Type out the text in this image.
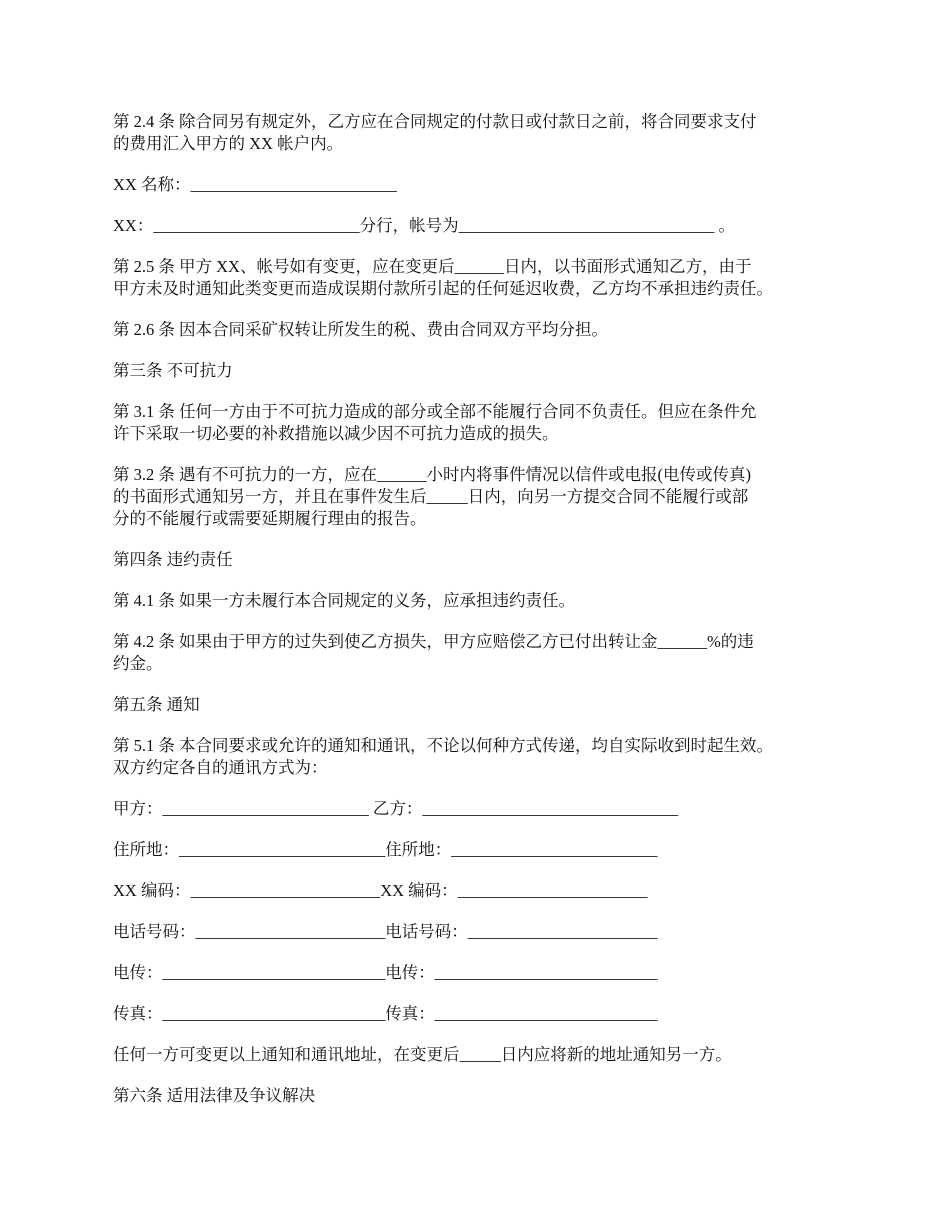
第 2.4 条 除合同另有规定外，乙方应在合同规定的付款日或付款日之前，将合同要求支付
的费用汇入甲方的 XX 帐户内。
XX 名称：_________________________
XX：_________________________分行，帐号为_______________________________ 。
第 2.5 条 甲方 XX、帐号如有变更，应在变更后______日内，以书面形式通知乙方，由于
甲方未及时通知此类变更而造成误期付款所引起的任何延迟收费，乙方均不承担违约责任。
第 2.6 条 因本合同采矿权转让所发生的税、费由合同双方平均分担。
第三条 不可抗力
第 3.1 条 任何一方由于不可抗力造成的部分或全部不能履行合同不负责任。但应在条件允
许下采取一切必要的补救措施以减少因不可抗力造成的损失。
第 3.2 条 遇有不可抗力的一方，应在______小时内将事件情况以信件或电报(电传或传真)
的书面形式通知另一方，并且在事件发生后_____日内，向另一方提交合同不能履行或部
分的不能履行或需要延期履行理由的报告。
第四条 违约责任
第 4.1 条 如果一方未履行本合同规定的义务，应承担违约责任。
第 4.2 条 如果由于甲方的过失到使乙方损失，甲方应赔偿乙方已付出转让金______%的违
约金。
第五条 通知
第 5.1 条 本合同要求或允许的通知和通讯，不论以何种方式传递，均自实际收到时起生效。
双方约定各自的通讯方式为：
甲方：_________________________ 乙方：_______________________________
住所地：_________________________住所地：_________________________
XX 编码：_______________________XX 编码：_______________________
电话号码：_______________________电话号码：_______________________
电传：___________________________电传：___________________________
传真：___________________________传真：___________________________
任何一方可变更以上通知和通讯地址，在变更后_____日内应将新的地址通知另一方。
第六条 适用法律及争议解决
